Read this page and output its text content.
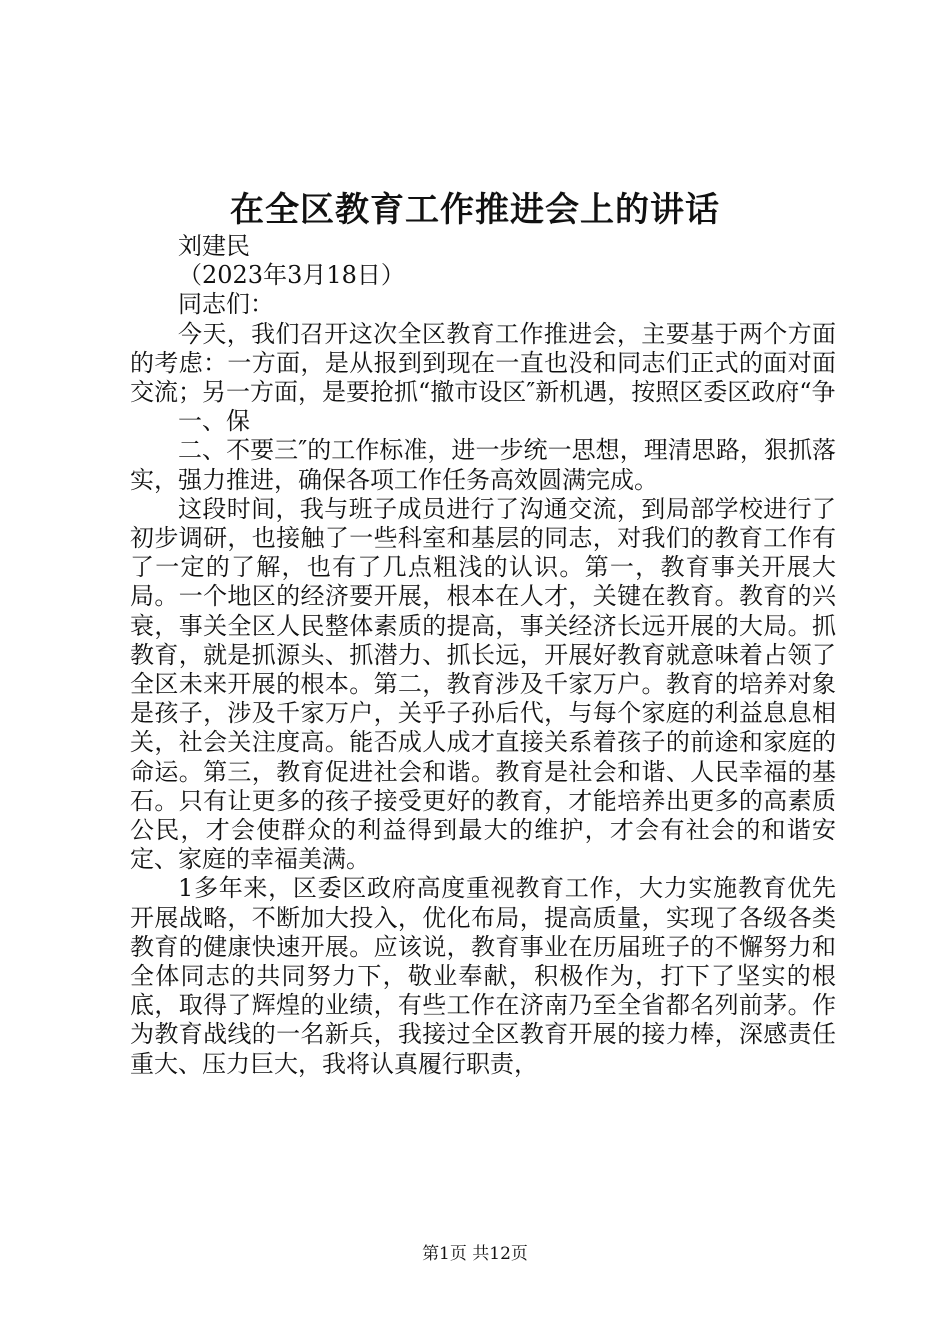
在全区教育工作推进会上的讲话

刘建民

（2023年3月18日）

同志们：

今天，我们召开这次全区教育工作推进会，主要基于两个方面的考虑：一方面，是从报到到现在一直也没和同志们正式的面对面交流；另一方面，是要抢抓“撤市设区″新机遇，按照区委区政府“争

一、保

二、不要三″的工作标准，进一步统一思想，理清思路，狠抓落实，强力推进，确保各项工作任务高效圆满完成。

这段时间，我与班子成员进行了沟通交流，到局部学校进行了初步调研，也接触了一些科室和基层的同志，对我们的教育工作有了一定的了解，也有了几点粗浅的认识。第一，教育事关开展大局。一个地区的经济要开展，根本在人才，关键在教育。教育的兴衰，事关全区人民整体素质的提高，事关经济长远开展的大局。抓教育，就是抓源头、抓潜力、抓长远，开展好教育就意味着占领了全区未来开展的根本。第二，教育涉及千家万户。教育的培养对象是孩子，涉及千家万户，关乎子孙后代，与每个家庭的利益息息相关，社会关注度高。能否成人成才直接关系着孩子的前途和家庭的命运。第三，教育促进社会和谐。教育是社会和谐、人民幸福的基石。只有让更多的孩子接受更好的教育，才能培养出更多的高素质公民，才会使群众的利益得到最大的维护，才会有社会的和谐安定、家庭的幸福美满。

1多年来，区委区政府高度重视教育工作，大力实施教育优先开展战略，不断加大投入，优化布局，提高质量，实现了各级各类教育的健康快速开展。应该说，教育事业在历届班子的不懈努力和全体同志的共同努力下，敬业奉献，积极作为，打下了坚实的根底，取得了辉煌的业绩，有些工作在济南乃至全省都名列前茅。作为教育战线的一名新兵，我接过全区教育开展的接力棒，深感责任重大、压力巨大，我将认真履行职责，

第1页 共12页
